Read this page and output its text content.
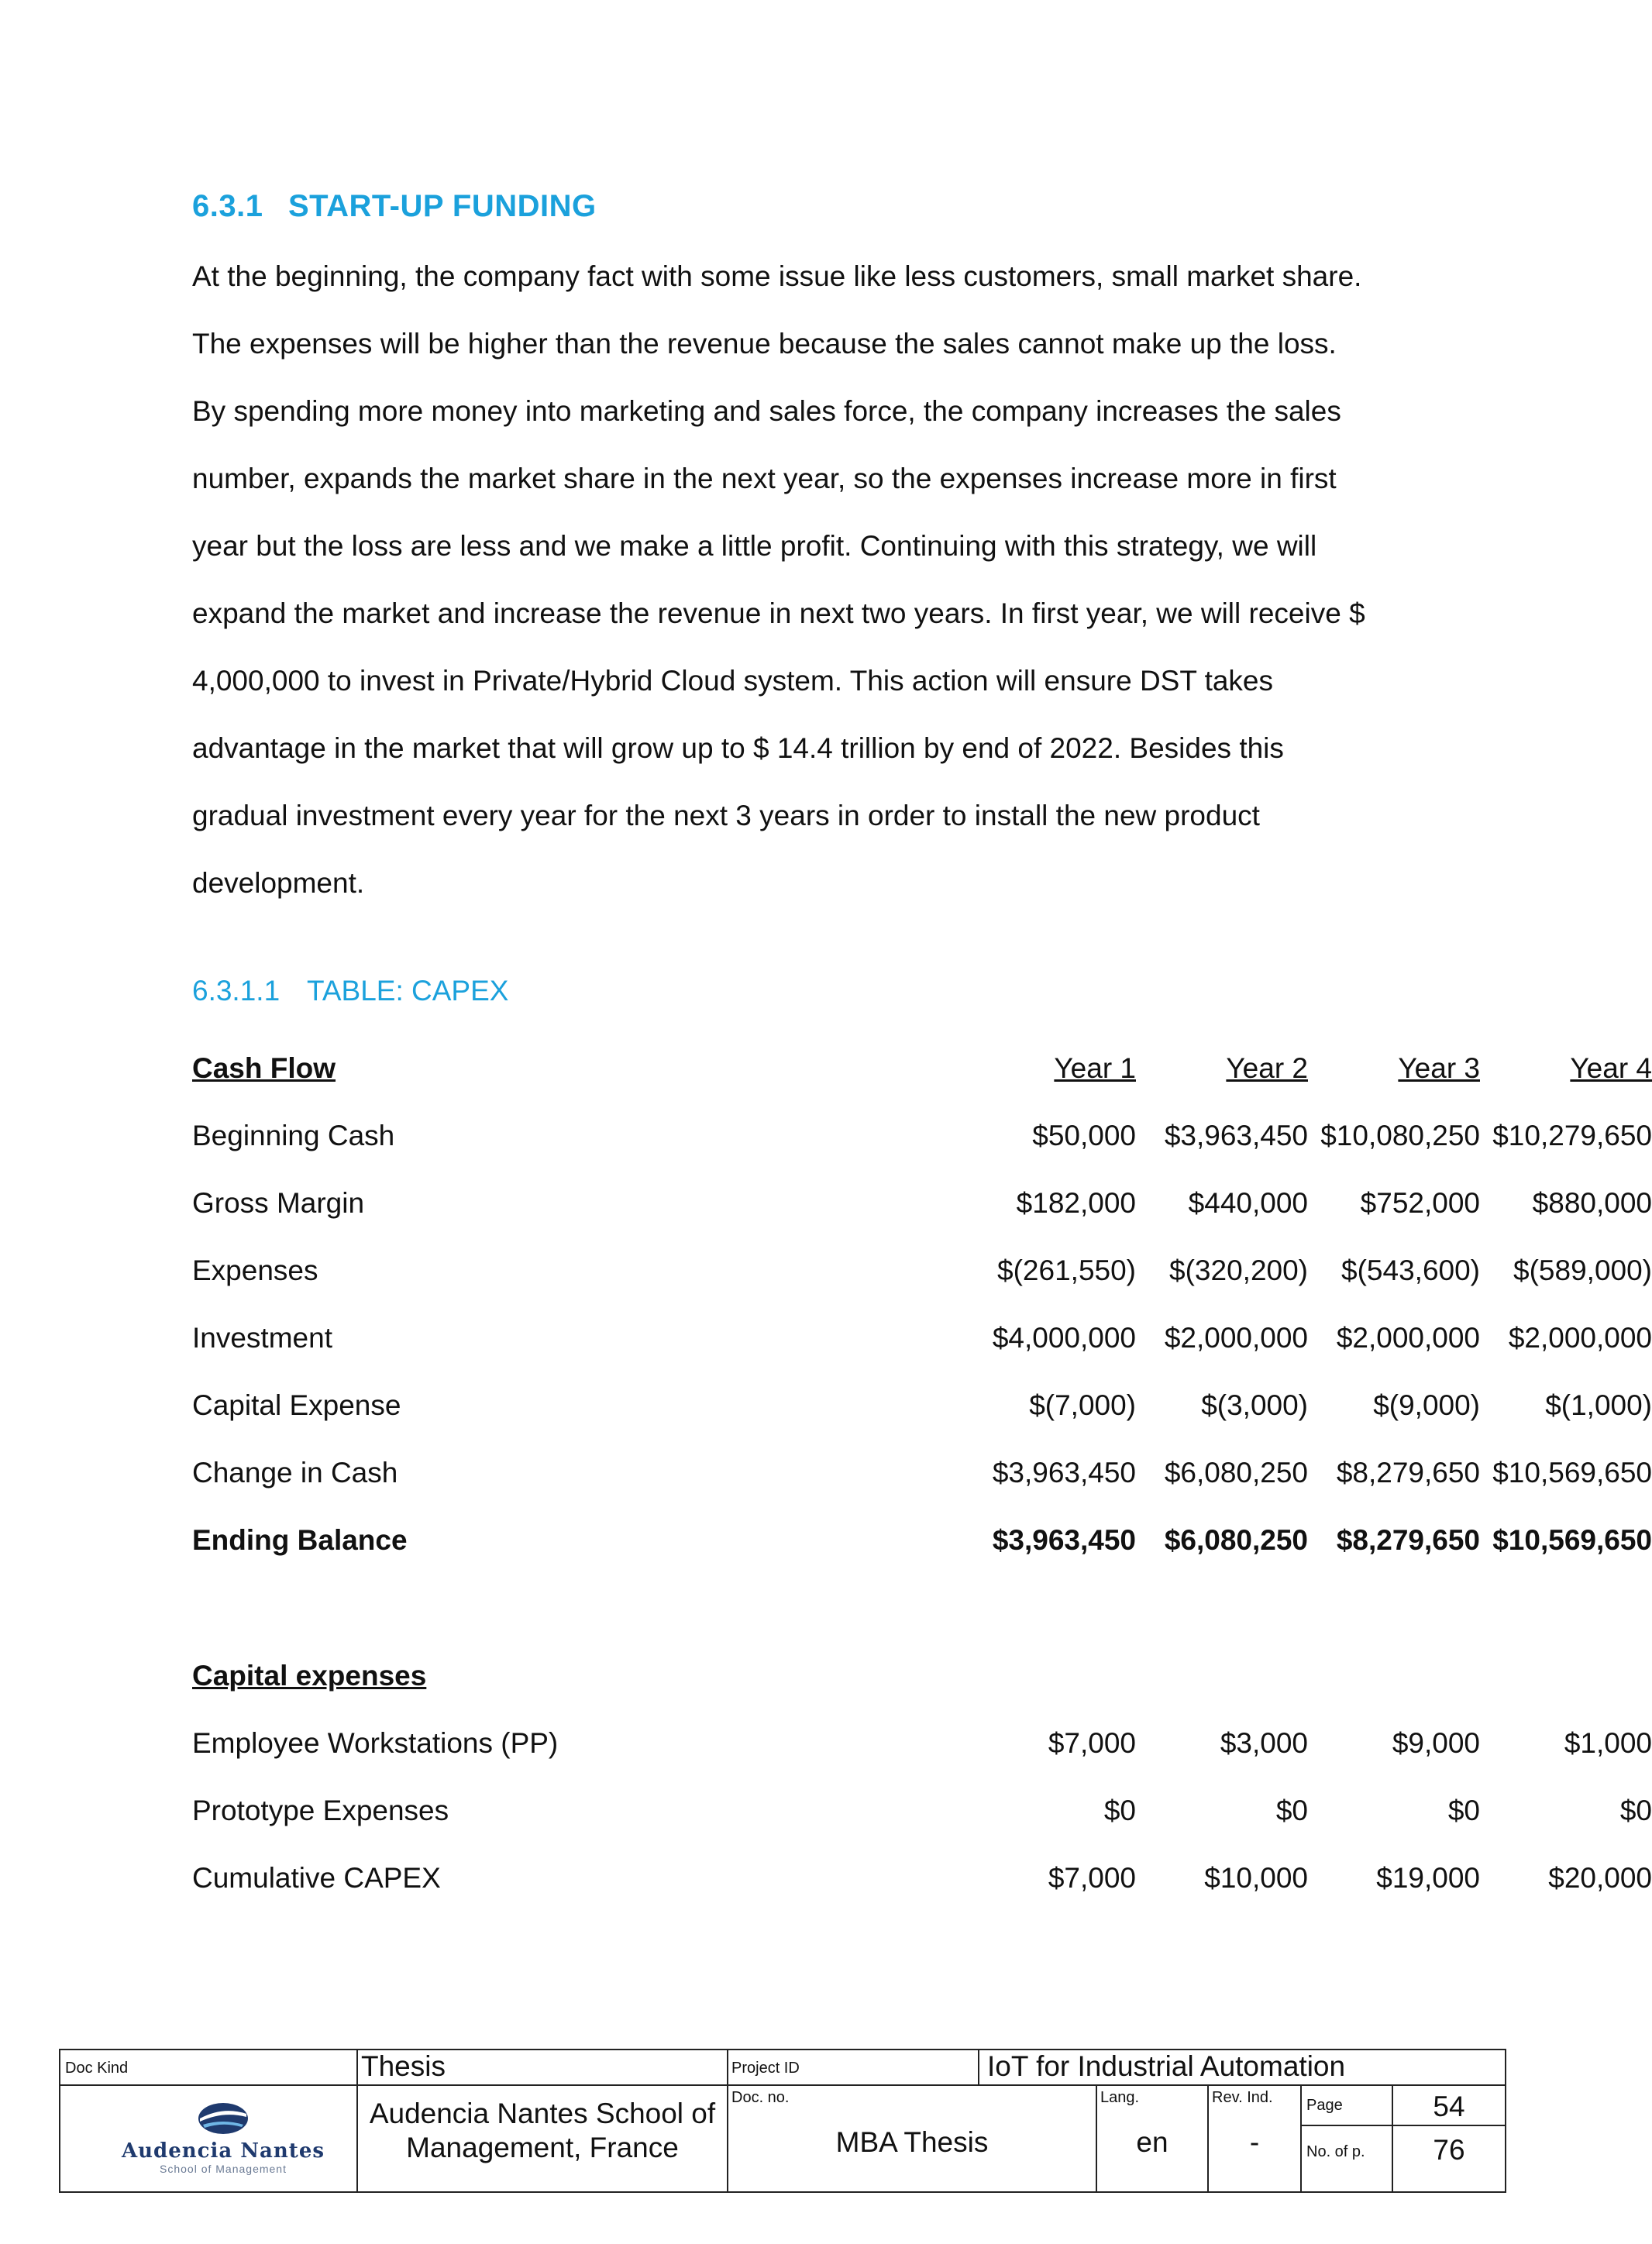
6.3.1 START-UP FUNDING
At the beginning, the company fact with some issue like less customers, small market share.
The expenses will be higher than the revenue because the sales cannot make up the loss.
By spending more money into marketing and sales force, the company increases the sales
number, expands the market share in the next year, so the expenses increase more in first
year but the loss are less and we make a little profit. Continuing with this strategy, we will
expand the market and increase the revenue in next two years. In first year, we will receive $
4,000,000 to invest in Private/Hybrid Cloud system. This action will ensure DST takes
advantage in the market that will grow up to $ 14.4 trillion by end of 2022. Besides this
gradual investment every year for the next 3 years in order to install the new product
development.
6.3.1.1 TABLE: CAPEX
Cash Flow	Year 1	Year 2	Year 3	Year 4
Beginning Cash	$50,000 $3,963,450 $10,080,250 $10,279,650
Gross Margin	$182,000	$440,000	$752,000	$880,000
Expenses	$(261,550)	$(320,200)	$(543,600)	$(589,000)
Investment	$4,000,000 $2,000,000 $2,000,000 $2,000,000
Capital Expense	$(7,000)	$(3,000)	$(9,000)	$(1,000)
Change in Cash	$3,963,450 $6,080,250 $8,279,650 $10,569,650
Ending Balance	$3,963,450 $6,080,250 $8,279,650 $10,569,650
Capital expenses
Employee Workstations (PP)	$7,000	$3,000	$9,000	$1,000
Prototype Expenses	$0	$0	$0	$0
Cumulative CAPEX	$7,000	$10,000	$19,000	$20,000
Doc Kind	Thesis	Project ID	IoT for Industrial Automation
Audencia Nantes
School of Management
Audencia Nantes School of
Management, France
Doc. no.
MBA Thesis
Lang.
en
Rev. Ind.
-
Page	54
No. of p.	76
